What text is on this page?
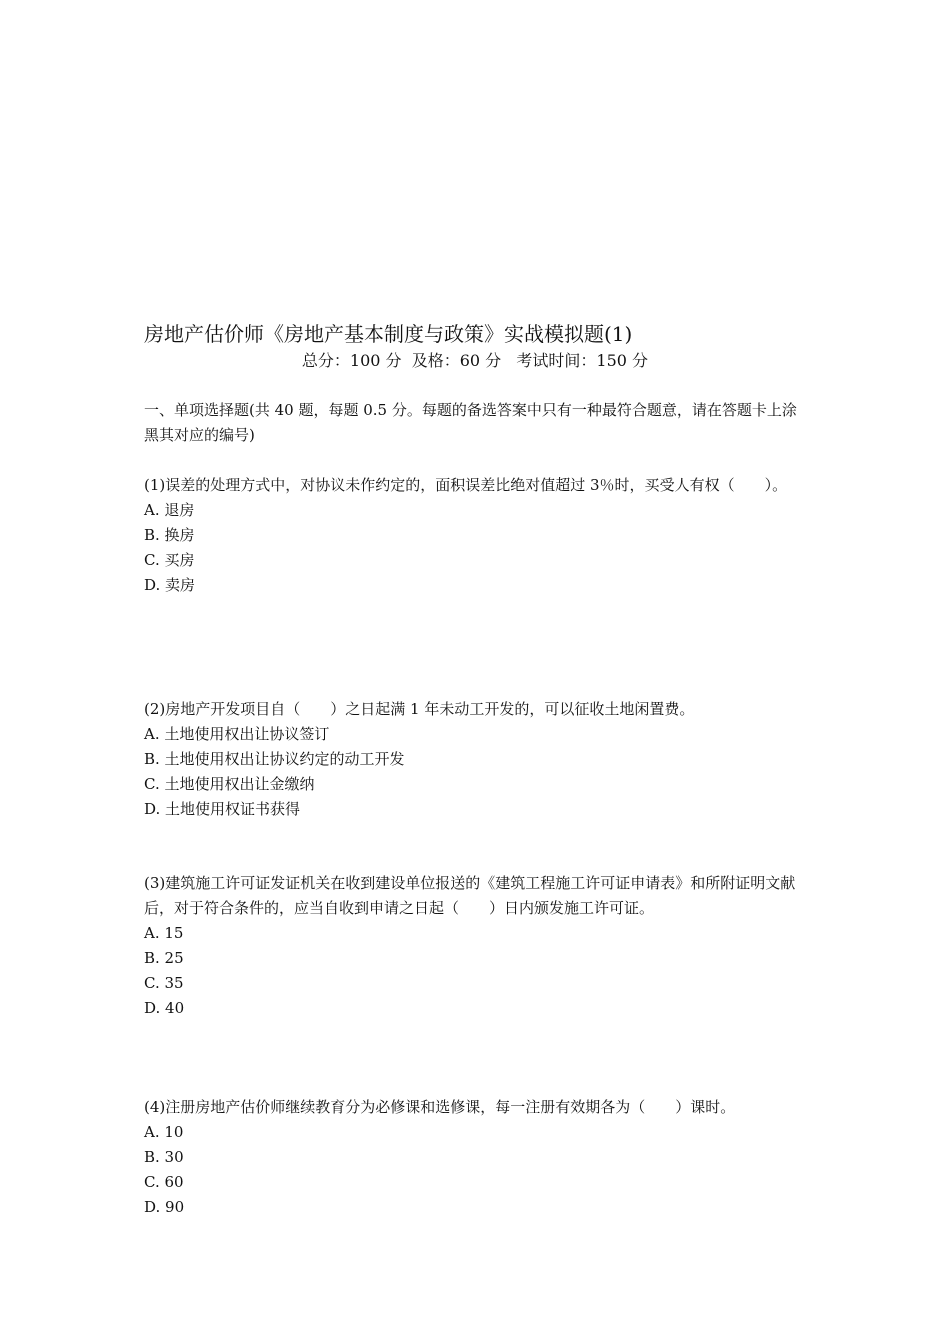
房地产估价师《房地产基本制度与政策》实战模拟题(1)
总分：100 分  及格：60 分   考试时间：150 分
一、单项选择题(共 40 题，每题 0.5 分。每题的备选答案中只有一种最符合题意，请在答题卡上涂黑其对应的编号)
(1)误差的处理方式中，对协议未作约定的，面积误差比绝对值超过 3％时，买受人有权（　　）。
A. 退房
B. 换房
C. 买房
D. 卖房
(2)房地产开发项目自（　　）之日起满 1 年未动工开发的，可以征收土地闲置费。
A. 土地使用权出让协议签订
B. 土地使用权出让协议约定的动工开发
C. 土地使用权出让金缴纳
D. 土地使用权证书获得
(3)建筑施工许可证发证机关在收到建设单位报送的《建筑工程施工许可证申请表》和所附证明文献后，对于符合条件的，应当自收到申请之日起（　　）日内颁发施工许可证。
A. 15
B. 25
C. 35
D. 40
(4)注册房地产估价师继续教育分为必修课和选修课，每一注册有效期各为（　　）课时。
A. 10
B. 30
C. 60
D. 90
